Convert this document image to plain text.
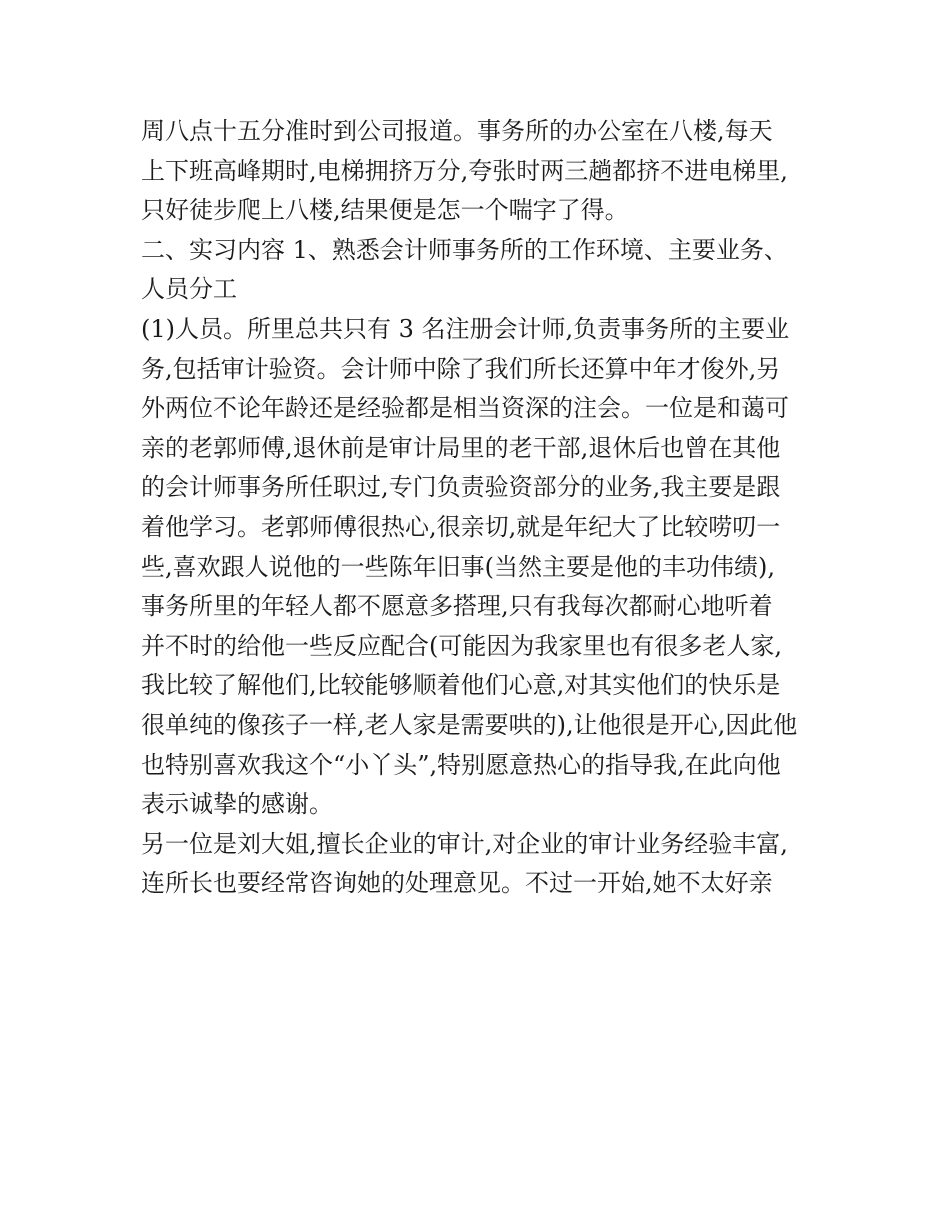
周八点十五分准时到公司报道。事务所的办公室在八楼,每天
上下班高峰期时,电梯拥挤万分,夸张时两三趟都挤不进电梯里,
只好徒步爬上八楼,结果便是怎一个喘字了得。
二、实习内容 1、熟悉会计师事务所的工作环境、主要业务、
人员分工
(1)人员。所里总共只有 3 名注册会计师,负责事务所的主要业
务,包括审计验资。会计师中除了我们所长还算中年才俊外,另
外两位不论年龄还是经验都是相当资深的注会。一位是和蔼可
亲的老郭师傅,退休前是审计局里的老干部,退休后也曾在其他
的会计师事务所任职过,专门负责验资部分的业务,我主要是跟
着他学习。老郭师傅很热心,很亲切,就是年纪大了比较唠叨一
些,喜欢跟人说他的一些陈年旧事(当然主要是他的丰功伟绩),
事务所里的年轻人都不愿意多搭理,只有我每次都耐心地听着
并不时的给他一些反应配合(可能因为我家里也有很多老人家,
我比较了解他们,比较能够顺着他们心意,对其实他们的快乐是
很单纯的像孩子一样,老人家是需要哄的),让他很是开心,因此他
也特别喜欢我这个“小丫头”,特别愿意热心的指导我,在此向他
表示诚挚的感谢。
另一位是刘大姐,擅长企业的审计,对企业的审计业务经验丰富,
连所长也要经常咨询她的处理意见。不过一开始,她不太好亲
